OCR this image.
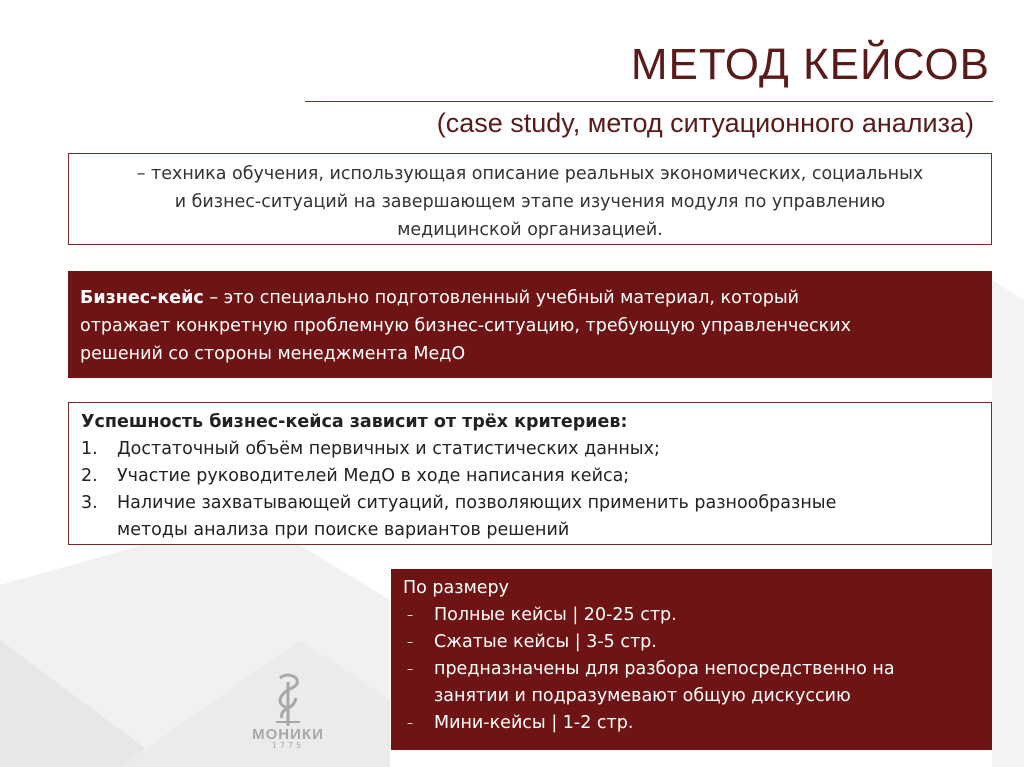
МЕТОД КЕЙСОВ
(case study, метод ситуационного анализа)

– техника обучения, использующая описание реальных экономических, социальных

и бизнес-ситуаций на завершающем этапе изучения модуля по управлению

медицинской организацией.

Бизнес-кейс – это специально подготовленный учебный материал, который

отражает конкретную проблемную бизнес-ситуацию, требующую управленческих

решений со стороны менеджмента МедО

Успешность бизнес-кейса зависит от трёх критериев:

1. Достаточный объём первичных и статистических данных;
2. Участие руководителей МедО в ходе написания кейса;
3. Наличие захватывающей ситуаций, позволяющих применить разнообразные
методы анализа при поиске вариантов решений

По размеру

– Полные кейсы | 20-25 стр.
– Сжатые кейсы | 3-5 стр.
– предназначены для разбора непосредственно на
занятии и подразумевают общую дискуссию
– Мини-кейсы | 1-2 стр.
МОНИКИ
1775
